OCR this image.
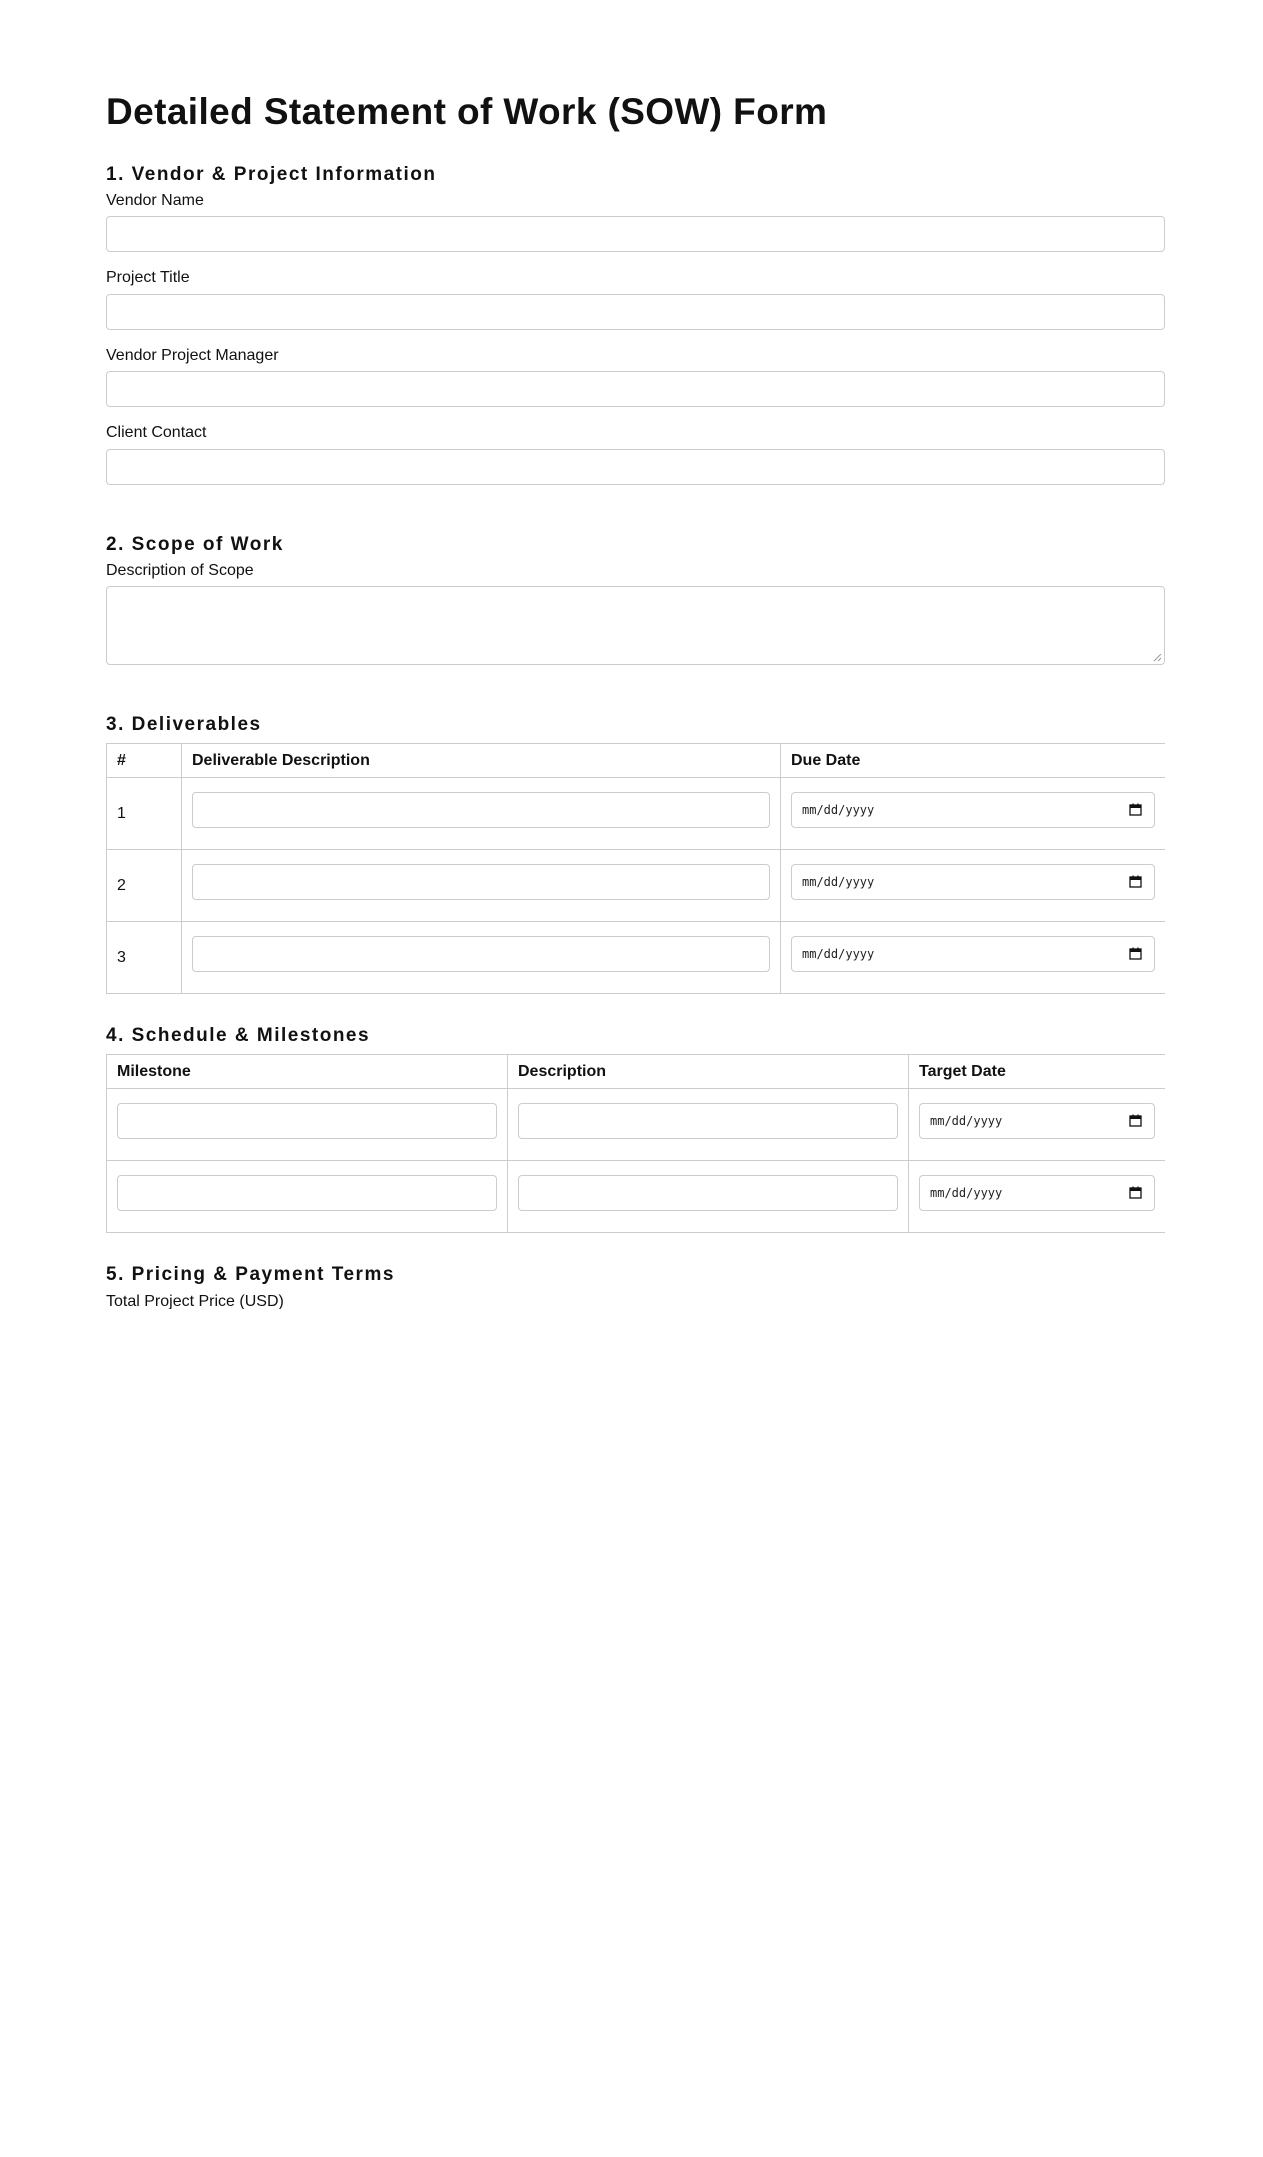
Detailed Statement of Work (SOW) Form
1. Vendor & Project Information
Vendor Name
Project Title
Vendor Project Manager
Client Contact
2. Scope of Work
Description of Scope
3. Deliverables
#	Deliverable Description	Due Date
1		mm/dd/yyyy

2		mm/dd/yyyy

3		mm/dd/yyyy
4. Schedule & Milestones
Milestone	Description	Target Date

		mm/dd/yyyy

		mm/dd/yyyy
5. Pricing & Payment Terms
Total Project Price (USD)
